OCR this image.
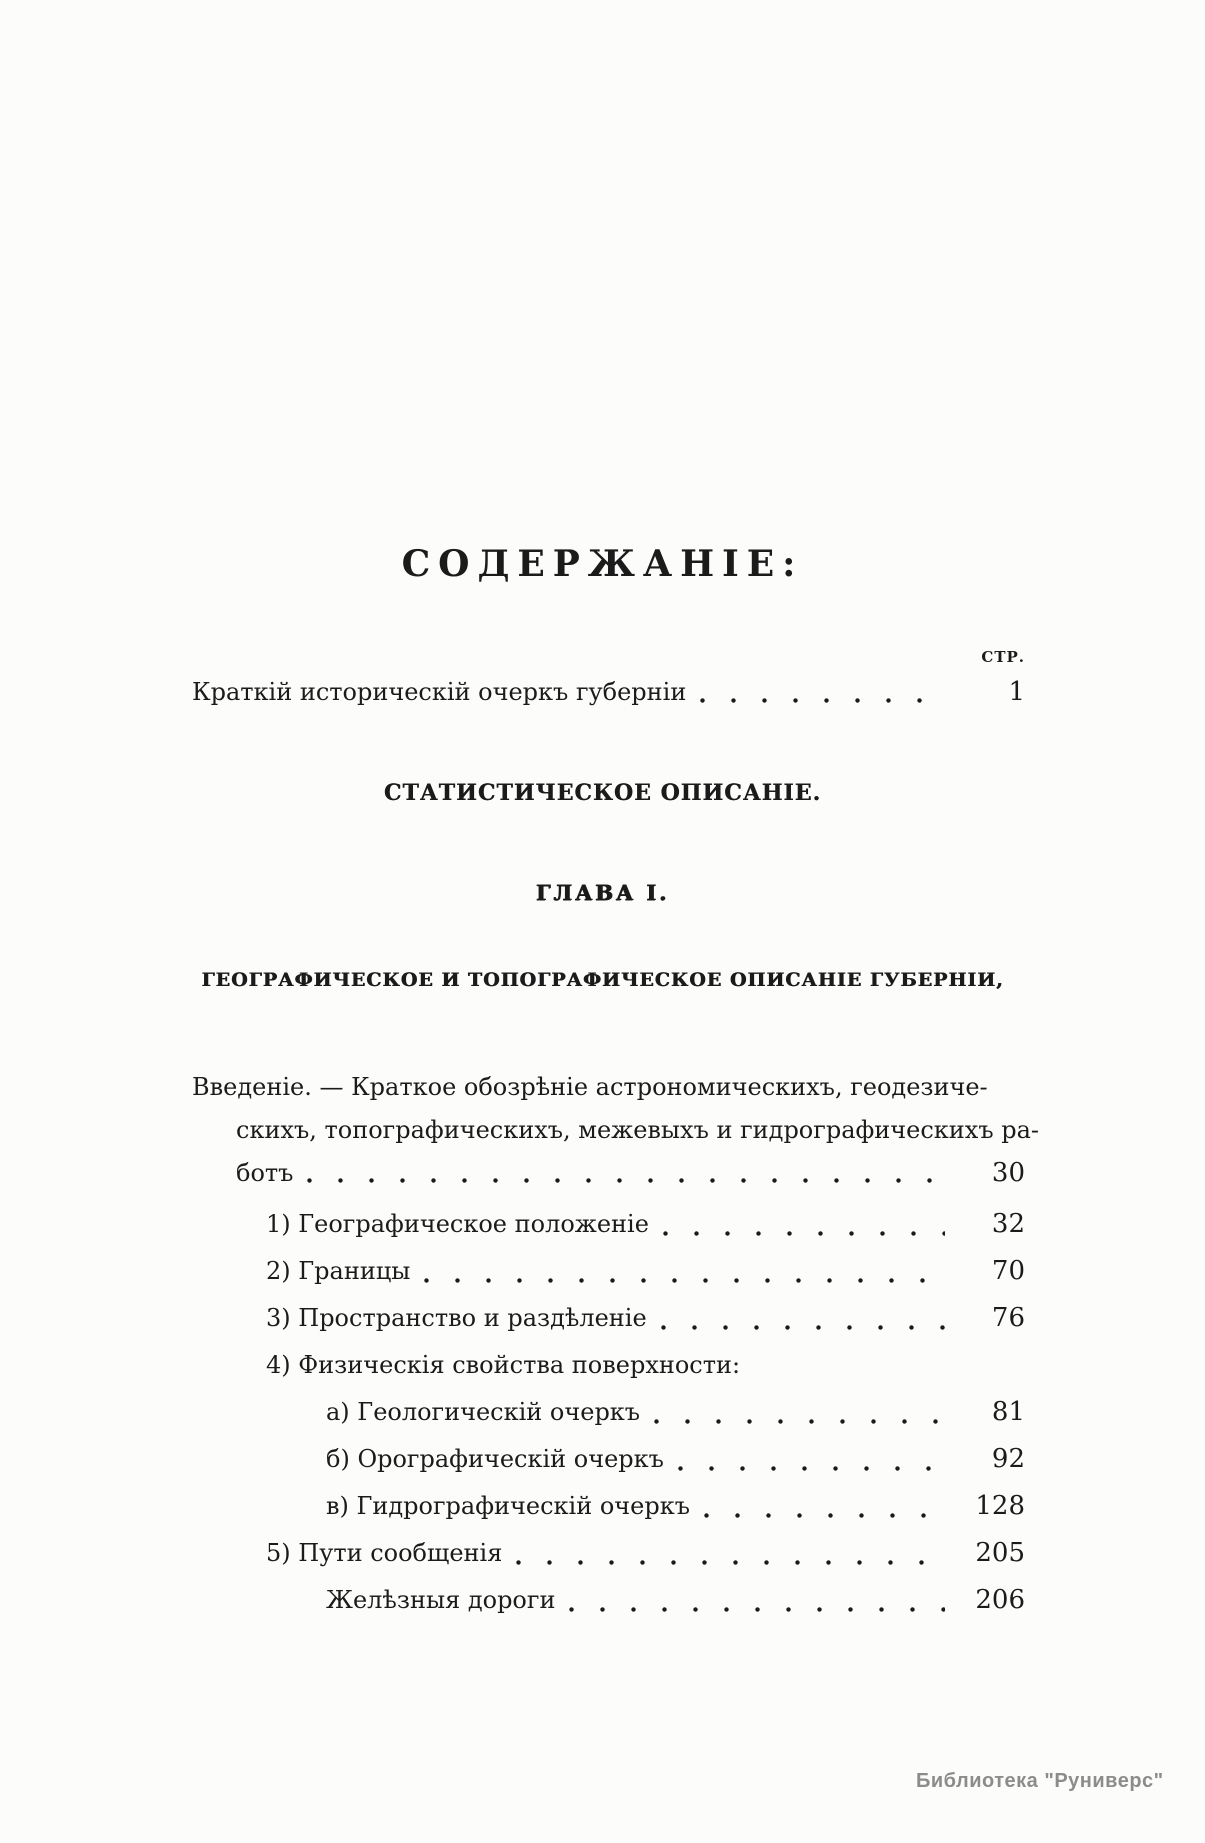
СОДЕРЖАНІЕ:
СТР.
Краткій историческій очеркъ губерніи	1
СТАТИСТИЧЕСКОЕ ОПИСАНІЕ.
ГЛАВА I.
ГЕОГРАФИЧЕСКОЕ И ТОПОГРАФИЧЕСКОЕ ОПИСАНІЕ ГУБЕРНІИ,
Введеніе. — Краткое обозрѣніе астрономическихъ, геодезиче-
скихъ, топографическихъ, межевыхъ и гидрографическихъ ра-
ботъ	30
1) Географическое положеніе	32
2) Границы	70
3) Пространство и раздѣленіе	76
4) Физическія свойства поверхности:
а) Геологическій очеркъ	81
б) Орографическій очеркъ	92
в) Гидрографическій очеркъ	128
5) Пути сообщенія	205
Желѣзныя дороги	206
Библиотека "Руниверс"
